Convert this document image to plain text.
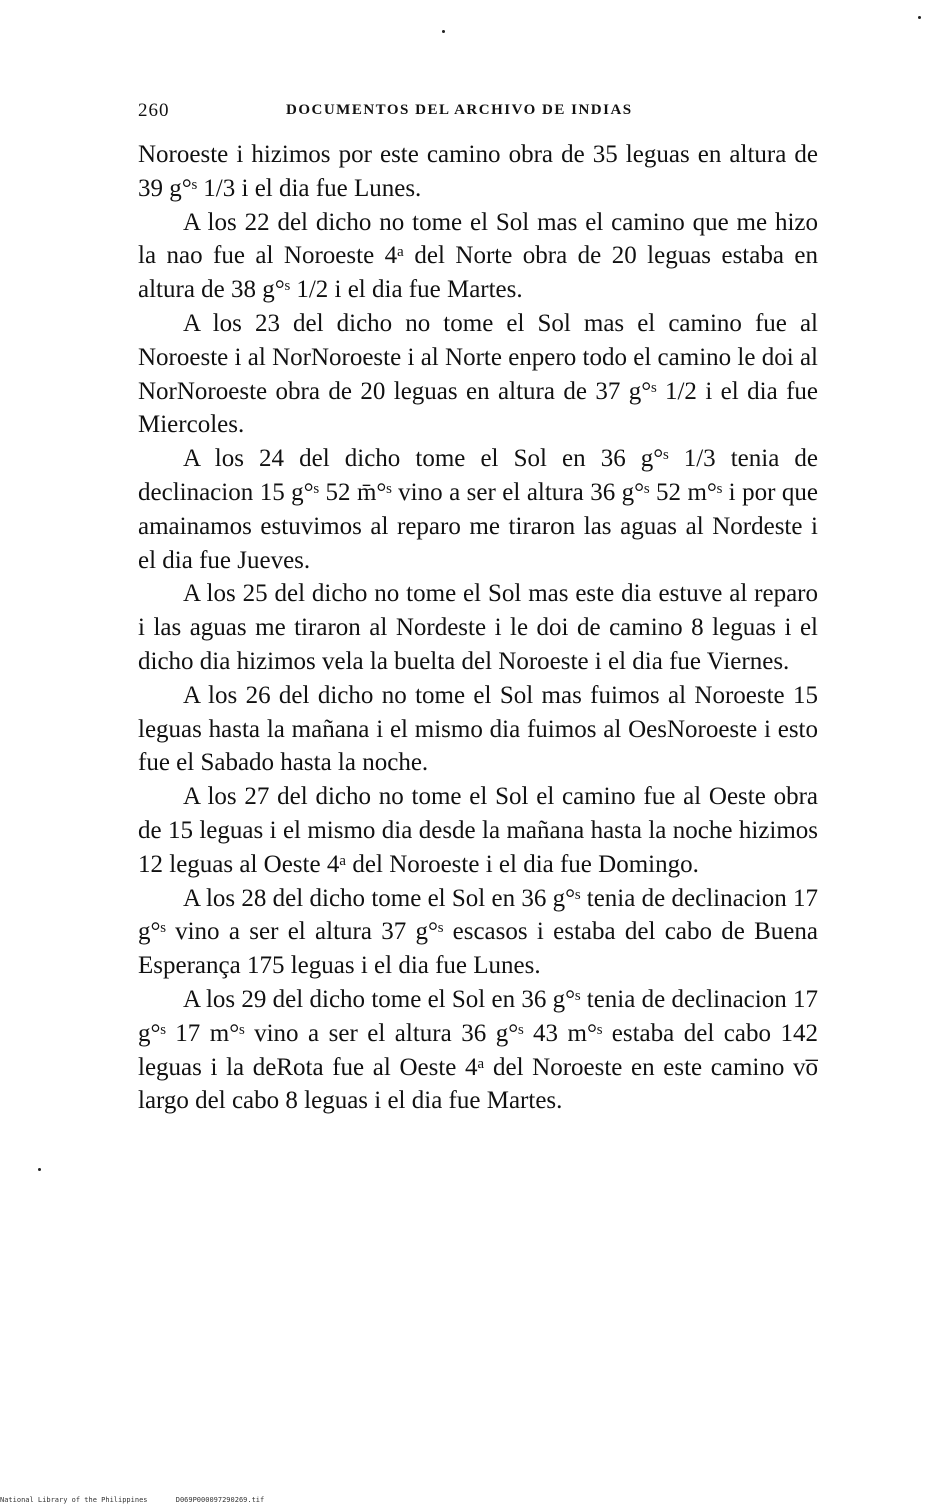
260	DOCUMENTOS DEL ARCHIVO DE INDIAS

Noroeste i hizimos por este camino obra de 35 leguas en altura de 39 g°ˢ 1/3 i el dia fue Lunes.

A los 22 del dicho no tome el Sol mas el camino que me hizo la nao fue al Noroeste 4ᵃ del Norte obra de 20 leguas estaba en altura de 38 g°ˢ 1/2 i el dia fue Martes.

A los 23 del dicho no tome el Sol mas el camino fue al Noroeste i al NorNoroeste i al Norte enpero todo el camino le doi al NorNoroeste obra de 20 leguas en altura de 37 g°ˢ 1/2 i el dia fue Miercoles.

A los 24 del dicho tome el Sol en 36 g°ˢ 1/3 tenia de declinacion 15 g°ˢ 52 m̄°ˢ vino a ser el altura 36 g°ˢ 52 m°ˢ i por que amainamos estuvimos al reparo me tiraron las aguas al Nordeste i el dia fue Jueves.

A los 25 del dicho no tome el Sol mas este dia estuve al reparo i las aguas me tiraron al Nordeste i le doi de camino 8 leguas i el dicho dia hizimos vela la buelta del Noroeste i el dia fue Viernes.

A los 26 del dicho no tome el Sol mas fuimos al Noroeste 15 leguas hasta la mañana i el mismo dia fuimos al OesNoroeste i esto fue el Sabado hasta la noche.

A los 27 del dicho no tome el Sol el camino fue al Oeste obra de 15 leguas i el mismo dia desde la mañana hasta la noche hizimos 12 leguas al Oeste 4ᵃ del Noroeste i el dia fue Domingo.

A los 28 del dicho tome el Sol en 36 g°ˢ tenia de declinacion 17 g°ˢ vino a ser el altura 37 g°ˢ escasos i estaba del cabo de Buena Esperança 175 leguas i el dia fue Lunes.

A los 29 del dicho tome el Sol en 36 g°ˢ tenia de declinacion 17 g°ˢ 17 m°ˢ vino a ser el altura 36 g°ˢ 43 m°ˢ estaba del cabo 142 leguas i la deRota fue al Oeste 4ᵃ del Noroeste en este camino vo̅ largo del cabo 8 leguas i el dia fue Martes.

National Library of the Philippines	D069P000097290269.tif
